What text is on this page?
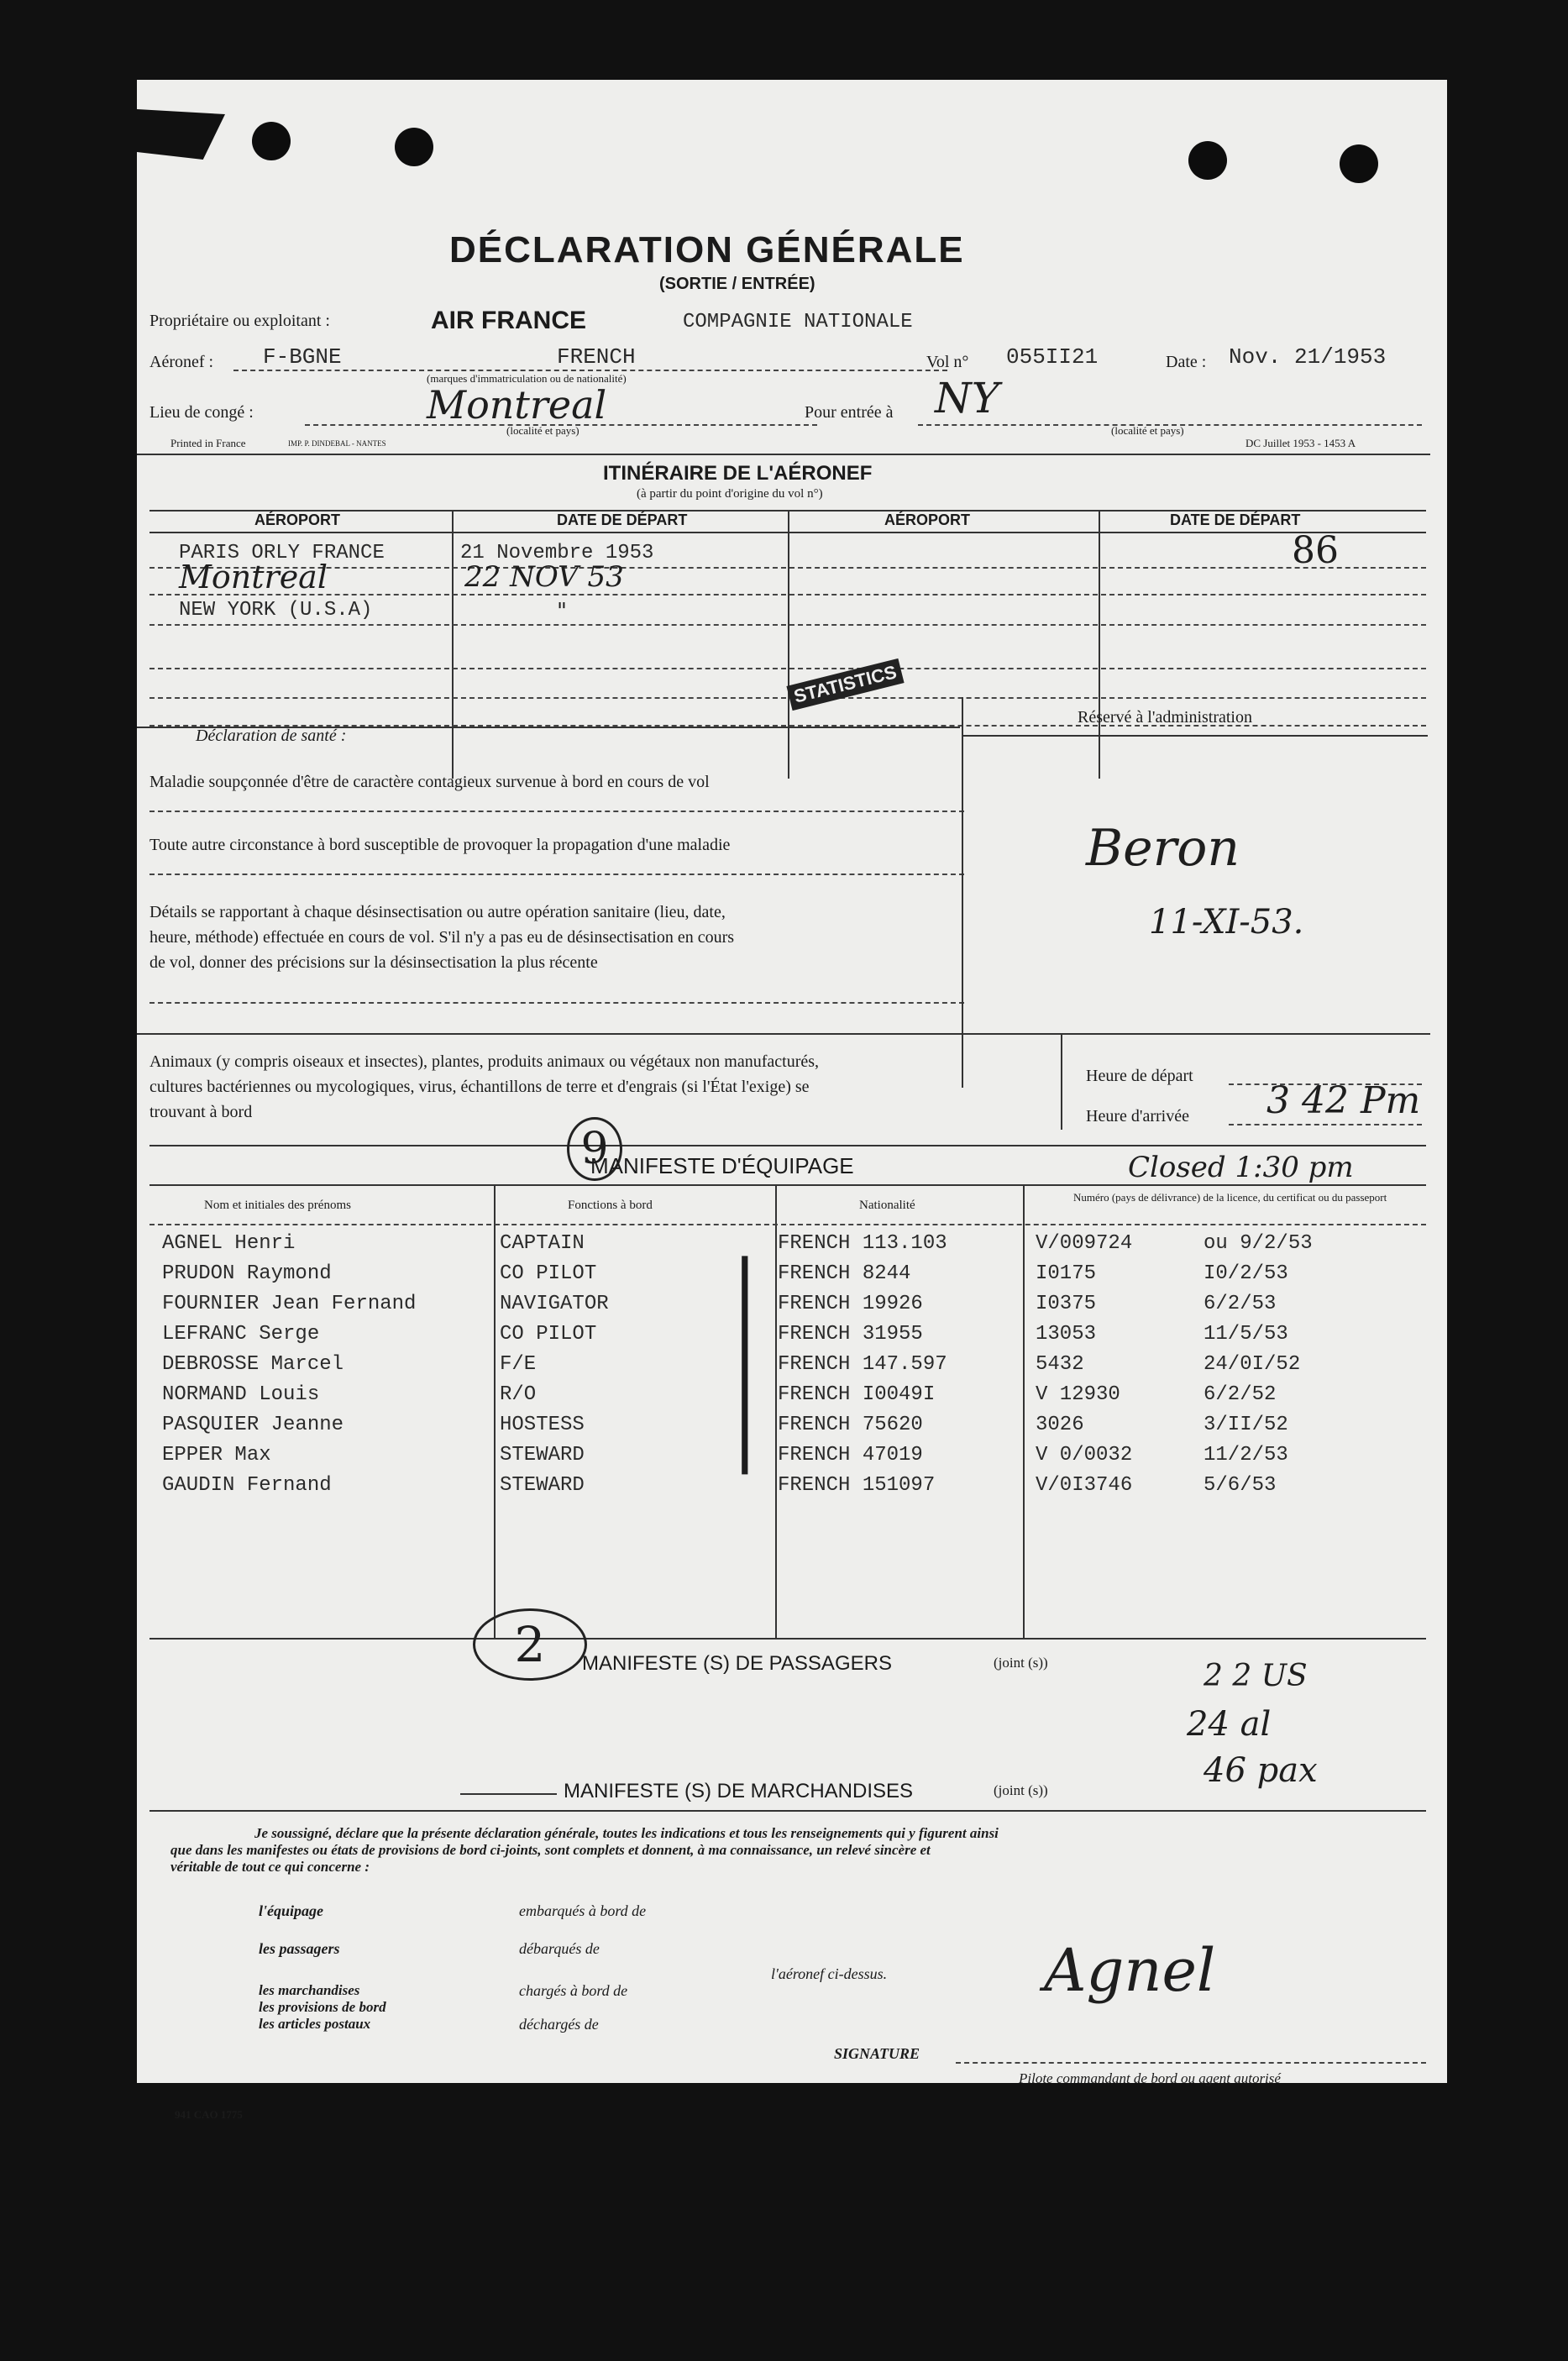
DÉCLARATION GÉNÉRALE
(SORTIE / ENTRÉE)
Propriétaire ou exploitant :	AIR FRANCE	COMPAGNIE NATIONALE
Aéronef : F-BGNE	FRENCH
(marques d'immatriculation ou de nationalité)
Vol n° 055II21	Date : Nov. 21/1953
Lieu de congé :	Montreal
(localité et pays)
Pour entrée à NY
(localité et pays)
Printed in France	IMP. P. DINDEBAL - NANTES	DC Juillet 1953 - 1453 A
ITINÉRAIRE DE L'AÉRONEF
(à partir du point d'origine du vol n°)
AÉROPORT	DATE DE DÉPART	AÉROPORT	DATE DE DÉPART
PARIS ORLY FRANCE	21 Novembre 1953
Montreal	22 NOV 53
NEW YORK (U.S.A)	"
86
STATISTICS
Déclaration de santé :
Maladie soupçonnée d'être de caractère contagieux survenue à bord en cours de vol
Toute autre circonstance à bord susceptible de provoquer la propagation d'une maladie
Détails se rapportant à chaque désinsectisation ou autre opération sanitaire (lieu, date,
heure, méthode) effectuée en cours de vol. S'il n'y a pas eu de désinsectisation en cours
de vol, donner des précisions sur la désinsectisation la plus récente
Réservé à l'administration
Beron
11-XI-53.
Animaux (y compris oiseaux et insectes), plantes, produits animaux ou végétaux non manufacturés,
cultures bactériennes ou mycologiques, virus, échantillons de terre et d'engrais (si l'État l'exige) se
trouvant à bord
Heure de départ
Heure d'arrivée 3 42 Pm
9
MANIFESTE D'ÉQUIPAGE	Closed 1:30 pm
Nom et initiales des prénoms	Fonctions à bord	Nationalité
Numéro (pays de délivrance) de la licence, du certificat ou du passeport
AGNEL Henri	CAPTAIN	FRENCH 113.103	V/009724	ou 9/2/53
PRUDON Raymond	CO PILOT	FRENCH 8244	I0175	I0/2/53
FOURNIER Jean Fernand	NAVIGATOR	FRENCH 19926	I0375	6/2/53
LEFRANC Serge	CO PILOT	FRENCH 31955	13053	11/5/53
DEBROSSE Marcel	F/E	FRENCH 147.597	5432	24/0I/52
NORMAND Louis	R/O	FRENCH I0049I	V 12930	6/2/52
PASQUIER Jeanne	HOSTESS	FRENCH 75620	3026	3/II/52
EPPER Max	STEWARD	FRENCH 47019	V 0/0032	11/2/53
GAUDIN Fernand	STEWARD	FRENCH 151097	V/0I3746	5/6/53
|
2	MANIFESTE (S) DE PASSAGERS	(joint (s))	2 2 US
24 al
46 pax
MANIFESTE (S) DE MARCHANDISES	(joint (s))
Je soussigné, déclare que la présente déclaration générale, toutes les indications et tous les renseignements qui y figurent ainsi
que dans les manifestes ou états de provisions de bord ci-joints, sont complets et donnent, à ma connaissance, un relevé sincère et
véritable de tout ce qui concerne :
l'équipage
les passagers
les marchandises
les provisions de bord
les articles postaux
embarqués à bord de
débarqués de
chargés à bord de
déchargés de
l'aéronef ci-dessus.
SIGNATURE
Agnel
Pilote commandant de bord ou agent autorisé
941 CAO 1775
